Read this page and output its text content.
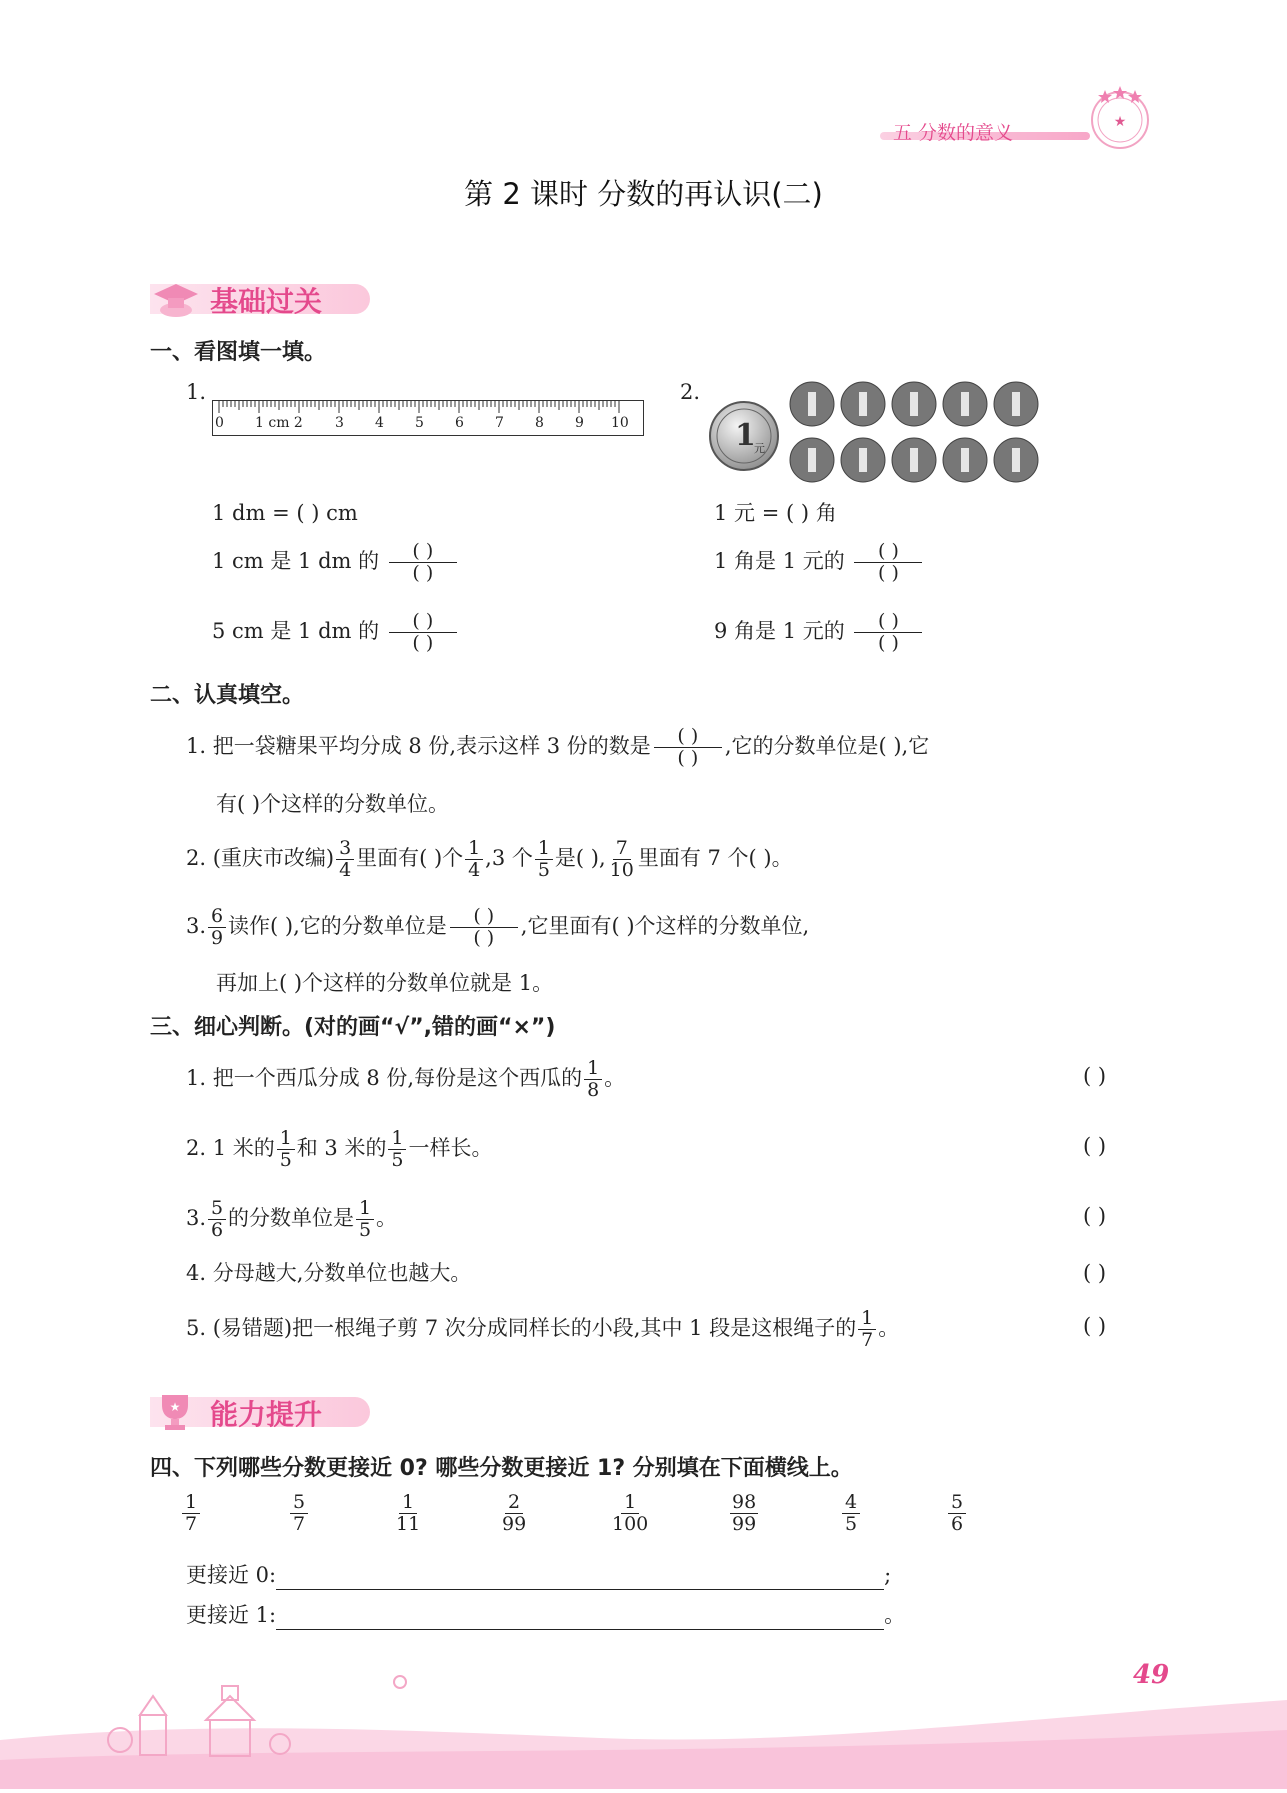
五 分数的意义	★
第 2 课时 分数的再认识(二)
基础过关
一、看图填一填。
1.	2.
0 1 cm 2 3 4 5 6 7 8 9 10	1
元
1 dm = ( ) cm
1 cm 是 1 dm 的 $\frac{( )}{( )}$
5 cm 是 1 dm 的 $\frac{( )}{( )}$
1 元 = ( ) 角
1 角是 1 元的 $\frac{( )}{( )}$
9 角是 1 元的 $\frac{( )}{( )}$
二、认真填空。
1. 把一袋糖果平均分成 8 份,表示这样 3 份的数是 $\frac{( )}{( )}$ ,它的分数单位是( ),它
有( )个这样的分数单位。
2. (重庆市改编) $\frac{3}{4}$ 里面有( )个 $\frac{1}{4} ,3$ 个 $\frac{1}{5}$ 是( ), $\frac{7}{10}$ 里面有 7 个( )。
3. $\frac{6}{9}$ 读作( ),它的分数单位是 $\frac{( )}{( )}$ ,它里面有( )个这样的分数单位,
再加上( )个这样的分数单位就是 1。
三、细心判断。(对的画“√”,错的画“×”)
1. 把一个西瓜分成 8 份,每份是这个西瓜的 $\frac{1}{8}$ 。	( )
2. 1 米的 $\frac{1}{5}$ 和 3 米的 $\frac{1}{5}$ 一样长。	( )
3. $\frac{5}{6}$ 的分数单位是 $\frac{1}{5}$ 。	( )
4. 分母越大,分数单位也越大。	( )
5. (易错题)把一根绳子剪 7 次分成同样长的小段,其中 1 段是这根绳子的 $\frac{1}{7}$ 。	( )
★ 能力提升
四、下列哪些分数更接近 0? 哪些分数更接近 1? 分别填在下面横线上。
$\frac{1}{7}$	$\frac{5}{7}$	$\frac{1}{11}$	$\frac{2}{99}$	$\frac{1}{100}$	$\frac{98}{99}$	$\frac{4}{5}$	$\frac{5}{6}$
更接近 0:	;
更接近 1:	。
49
